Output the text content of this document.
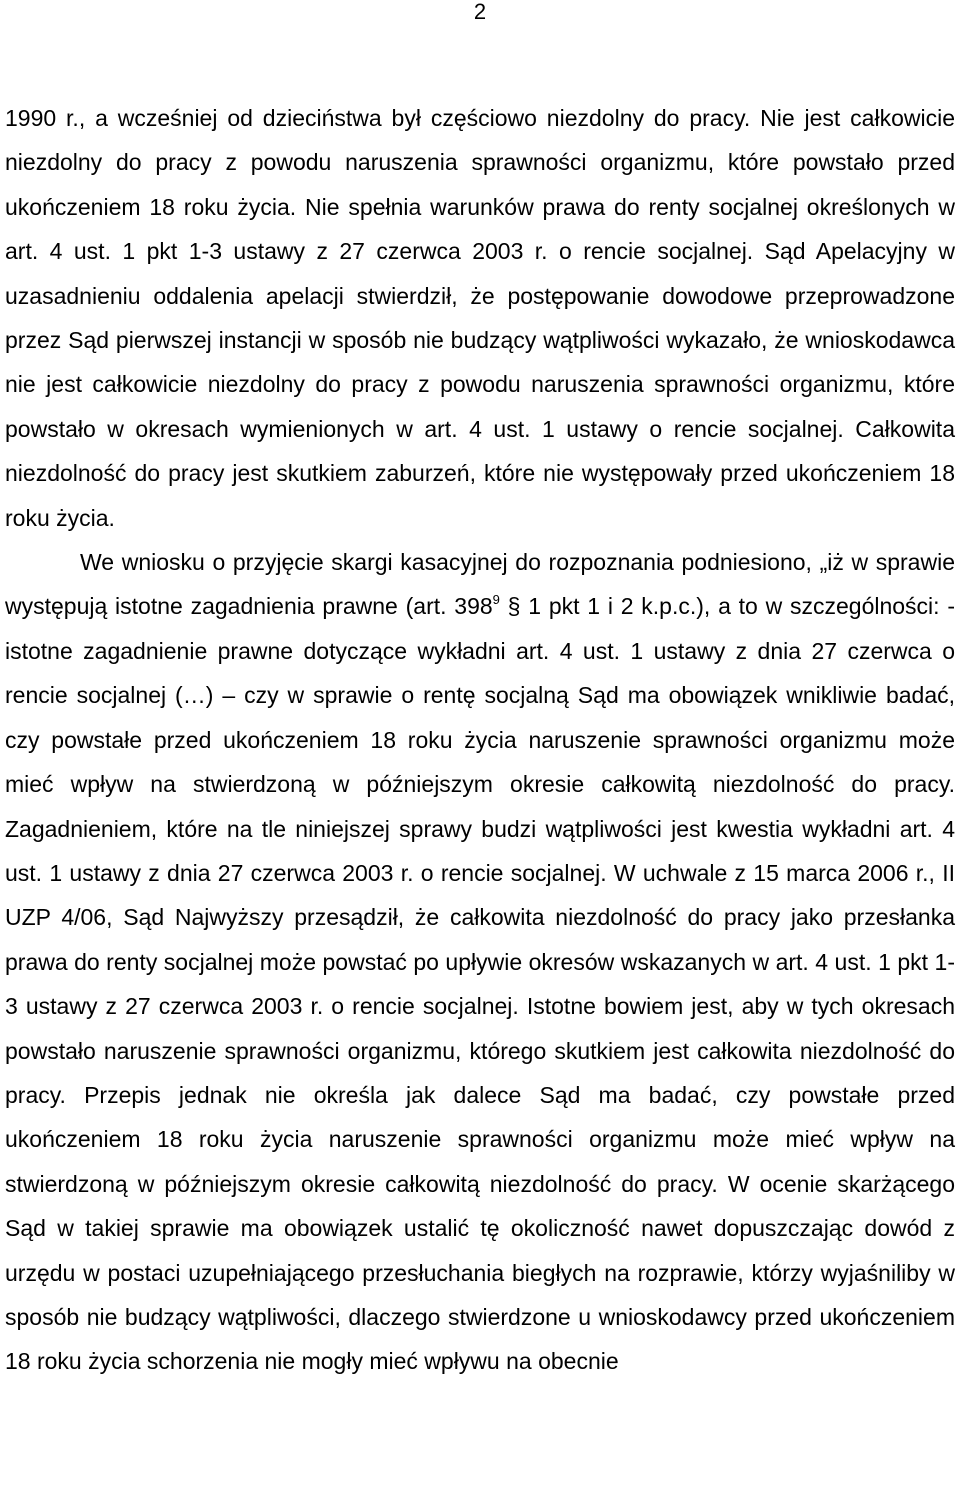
2

1990 r., a wcześniej od dzieciństwa był częściowo niezdolny do pracy. Nie jest całkowicie niezdolny do pracy z powodu naruszenia sprawności organizmu, które powstało przed ukończeniem 18 roku życia. Nie spełnia warunków prawa do renty socjalnej określonych w art. 4 ust. 1 pkt 1-3 ustawy z 27 czerwca 2003 r. o rencie socjalnej. Sąd Apelacyjny w uzasadnieniu oddalenia apelacji stwierdził, że postępowanie dowodowe przeprowadzone przez Sąd pierwszej instancji w sposób nie budzący wątpliwości wykazało, że wnioskodawca nie jest całkowicie niezdolny do pracy z powodu naruszenia sprawności organizmu, które powstało w okresach wymienionych w art. 4 ust. 1 ustawy o rencie socjalnej. Całkowita niezdolność do pracy jest skutkiem zaburzeń, które nie występowały przed ukończeniem 18 roku życia.

We wniosku o przyjęcie skargi kasacyjnej do rozpoznania podniesiono, „iż w sprawie występują istotne zagadnienia prawne (art. $398^9$ § 1 pkt 1 i 2 k.p.c.), a to w szczególności: - istotne zagadnienie prawne dotyczące wykładni art. 4 ust. 1 ustawy z dnia 27 czerwca o rencie socjalnej (…) – czy w sprawie o rentę socjalną Sąd ma obowiązek wnikliwie badać, czy powstałe przed ukończeniem 18 roku życia naruszenie sprawności organizmu może mieć wpływ na stwierdzoną w późniejszym okresie całkowitą niezdolność do pracy. Zagadnieniem, które na tle niniejszej sprawy budzi wątpliwości jest kwestia wykładni art. 4 ust. 1 ustawy z dnia 27 czerwca 2003 r. o rencie socjalnej. W uchwale z 15 marca 2006 r., II UZP 4/06, Sąd Najwyższy przesądził, że całkowita niezdolność do pracy jako przesłanka prawa do renty socjalnej może powstać po upływie okresów wskazanych w art. 4 ust. 1 pkt 1-3 ustawy z 27 czerwca 2003 r. o rencie socjalnej. Istotne bowiem jest, aby w tych okresach powstało naruszenie sprawności organizmu, którego skutkiem jest całkowita niezdolność do pracy. Przepis jednak nie określa jak dalece Sąd ma badać, czy powstałe przed ukończeniem 18 roku życia naruszenie sprawności organizmu może mieć wpływ na stwierdzoną w późniejszym okresie całkowitą niezdolność do pracy. W ocenie skarżącego Sąd w takiej sprawie ma obowiązek ustalić tę okoliczność nawet dopuszczając dowód z urzędu w postaci uzupełniającego przesłuchania biegłych na rozprawie, którzy wyjaśniliby w sposób nie budzący wątpliwości, dlaczego stwierdzone u wnioskodawcy przed ukończeniem 18 roku życia schorzenia nie mogły mieć wpływu na obecnie
